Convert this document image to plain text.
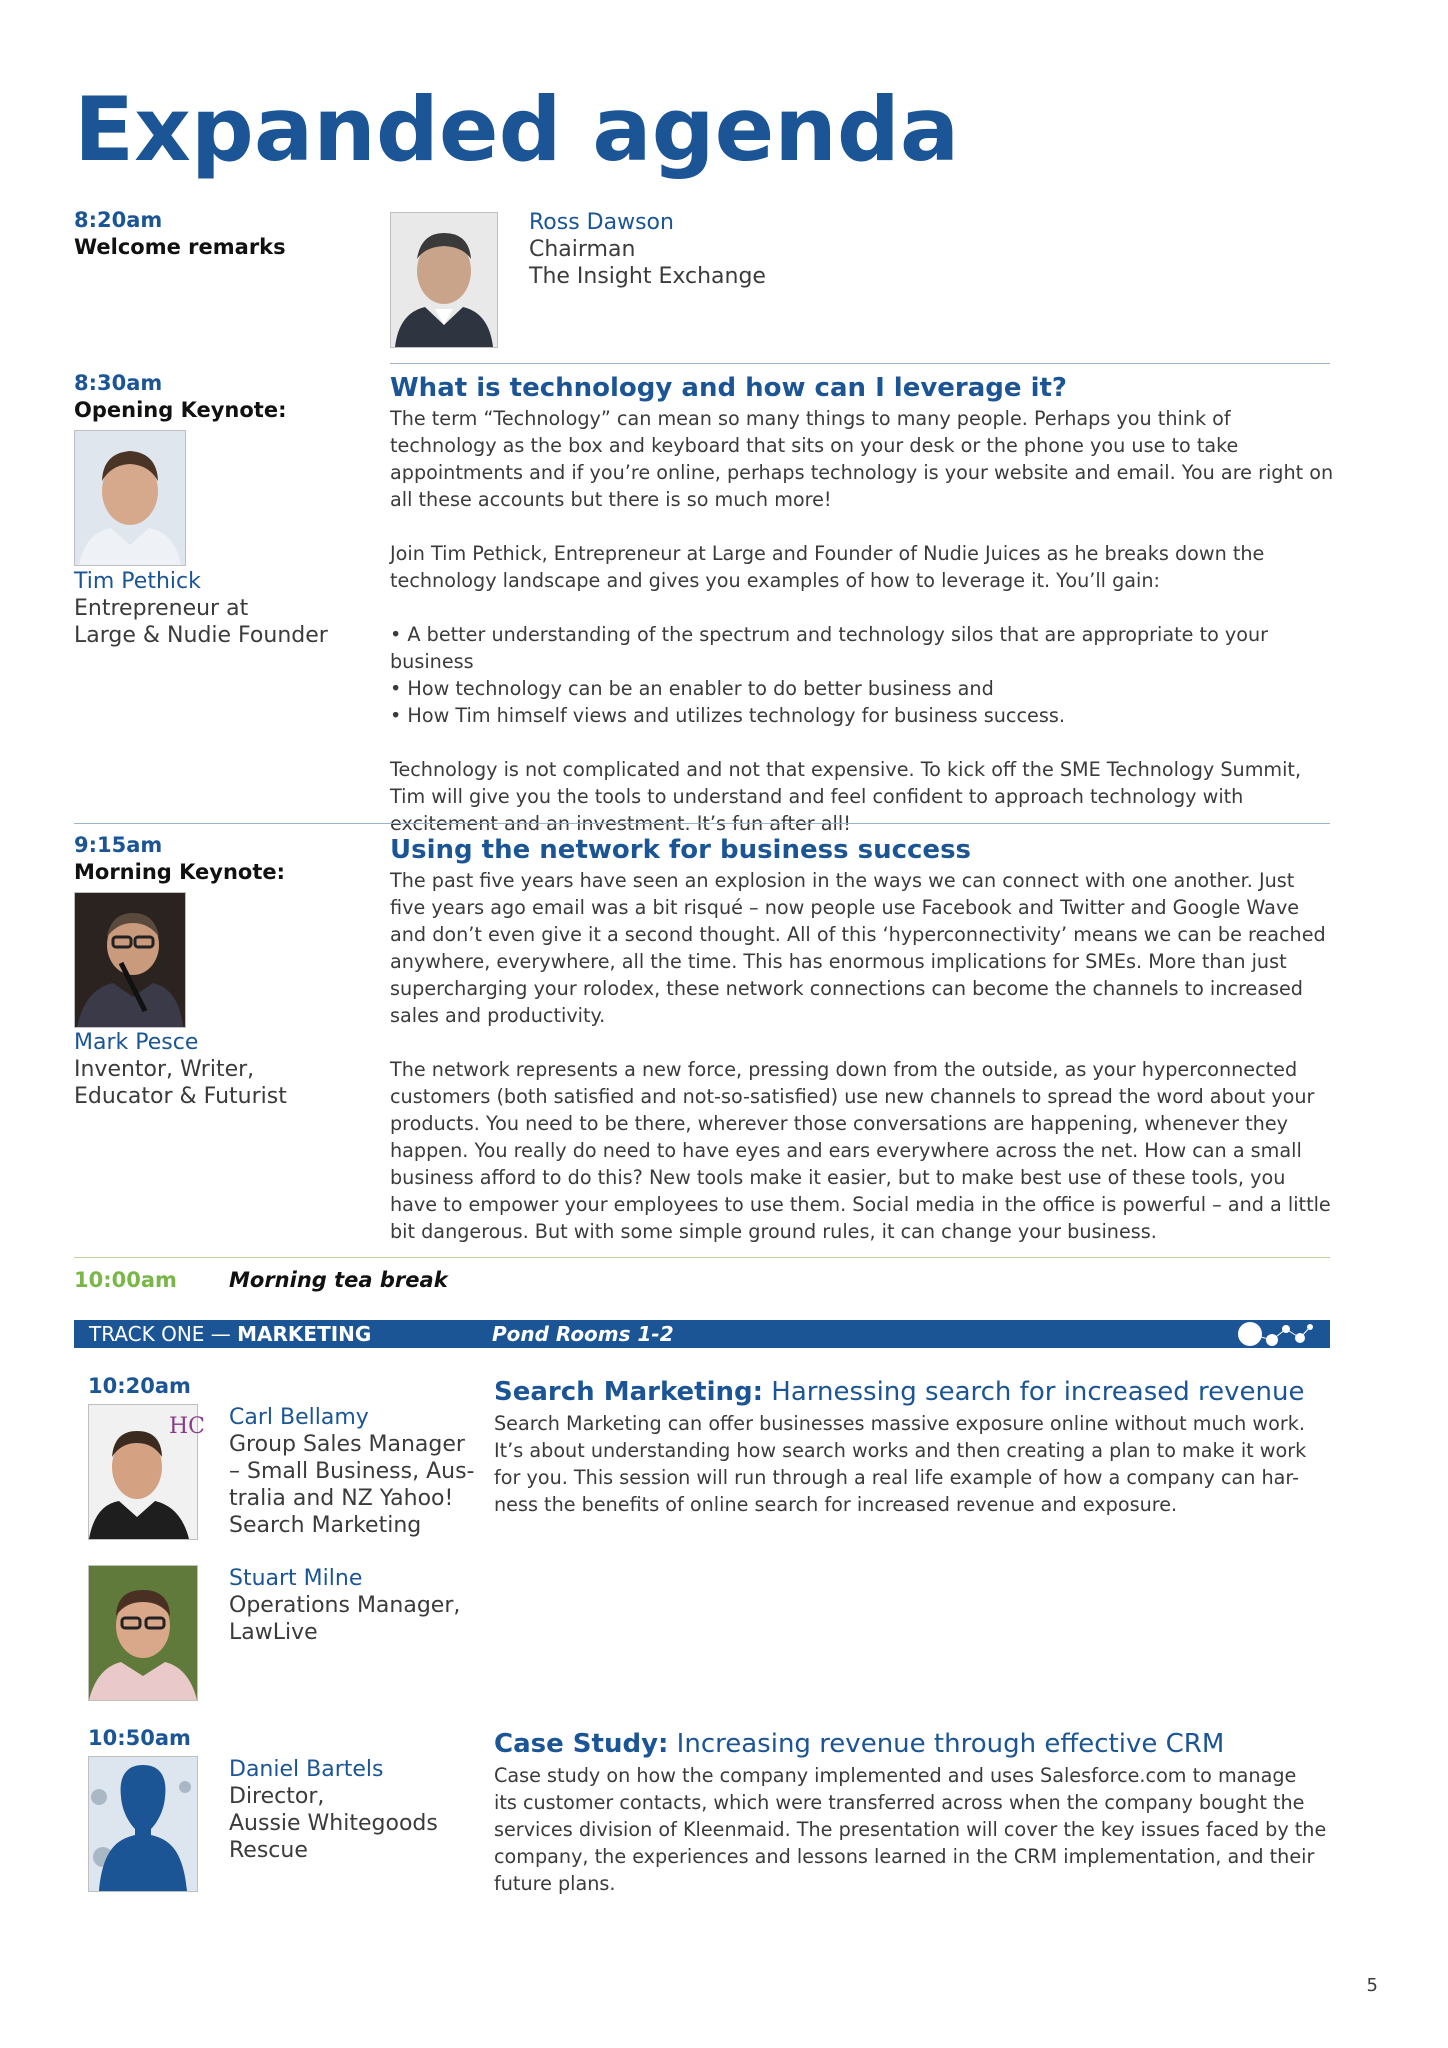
Expanded agenda
8:20am
Welcome remarks
Ross Dawson
Chairman
The Insight Exchange
8:30am
Opening Keynote:
Tim Pethick
Entrepreneur at
Large & Nudie Founder
What is technology and how can I leverage it?

The term “Technology” can mean so many things to many people. Perhaps you think of technology as the box and keyboard that sits on your desk or the phone you use to take appointments and if you’re online, perhaps technology is your website and email. You are right on all these accounts but there is so much more!

Join Tim Pethick, Entrepreneur at Large and Founder of Nudie Juices as he breaks down the technology landscape and gives you examples of how to leverage it. You’ll gain:

• A better understanding of the spectrum and technology silos that are appropriate to your business
• How technology can be an enabler to do better business and
• How Tim himself views and utilizes technology for business success.

Technology is not complicated and not that expensive. To kick off the SME Technology Summit, Tim will give you the tools to understand and feel confident to approach technology with excitement and an investment. It’s fun after all!

9:15am
Morning Keynote:
Mark Pesce
Inventor, Writer,
Educator & Futurist
Using the network for business success

The past five years have seen an explosion in the ways we can connect with one another. Just five years ago email was a bit risqué – now people use Facebook and Twitter and Google Wave and don’t even give it a second thought. All of this ‘hyperconnectivity’ means we can be reached anywhere, everywhere, all the time. This has enormous implications for SMEs. More than just supercharging your rolodex, these network connections can become the channels to increased sales and productivity.

The network represents a new force, pressing down from the outside, as your hyperconnected customers (both satisfied and not-so-satisfied) use new channels to spread the word about your products. You need to be there, wherever those conversations are happening, whenever they happen. You really do need to have eyes and ears everywhere across the net. How can a small business afford to do this? New tools make it easier, but to make best use of these tools, you have to empower your employees to use them. Social media in the office is powerful – and a little bit dangerous. But with some simple ground rules, it can change your business.

10:00am Morning tea break
TRACK ONE — MARKETING	Pond Rooms 1-2
10:20am
HC Carl Bellamy
Group Sales Manager
– Small Business, Aus-
tralia and NZ Yahoo!
Search Marketing
Stuart Milne
Operations Manager,
LawLive
Search Marketing: Harnessing search for increased revenue
Search Marketing can offer businesses massive exposure online without much work.
It’s about understanding how search works and then creating a plan to make it work
for you. This session will run through a real life example of how a company can har-
ness the benefits of online search for increased revenue and exposure.
10:50am
Daniel Bartels
Director,
Aussie Whitegoods
Rescue
Case Study: Increasing revenue through effective CRM
Case study on how the company implemented and uses Salesforce.com to manage
its customer contacts, which were transferred across when the company bought the
services division of Kleenmaid. The presentation will cover the key issues faced by the
company, the experiences and lessons learned in the CRM implementation, and their
future plans.
5
